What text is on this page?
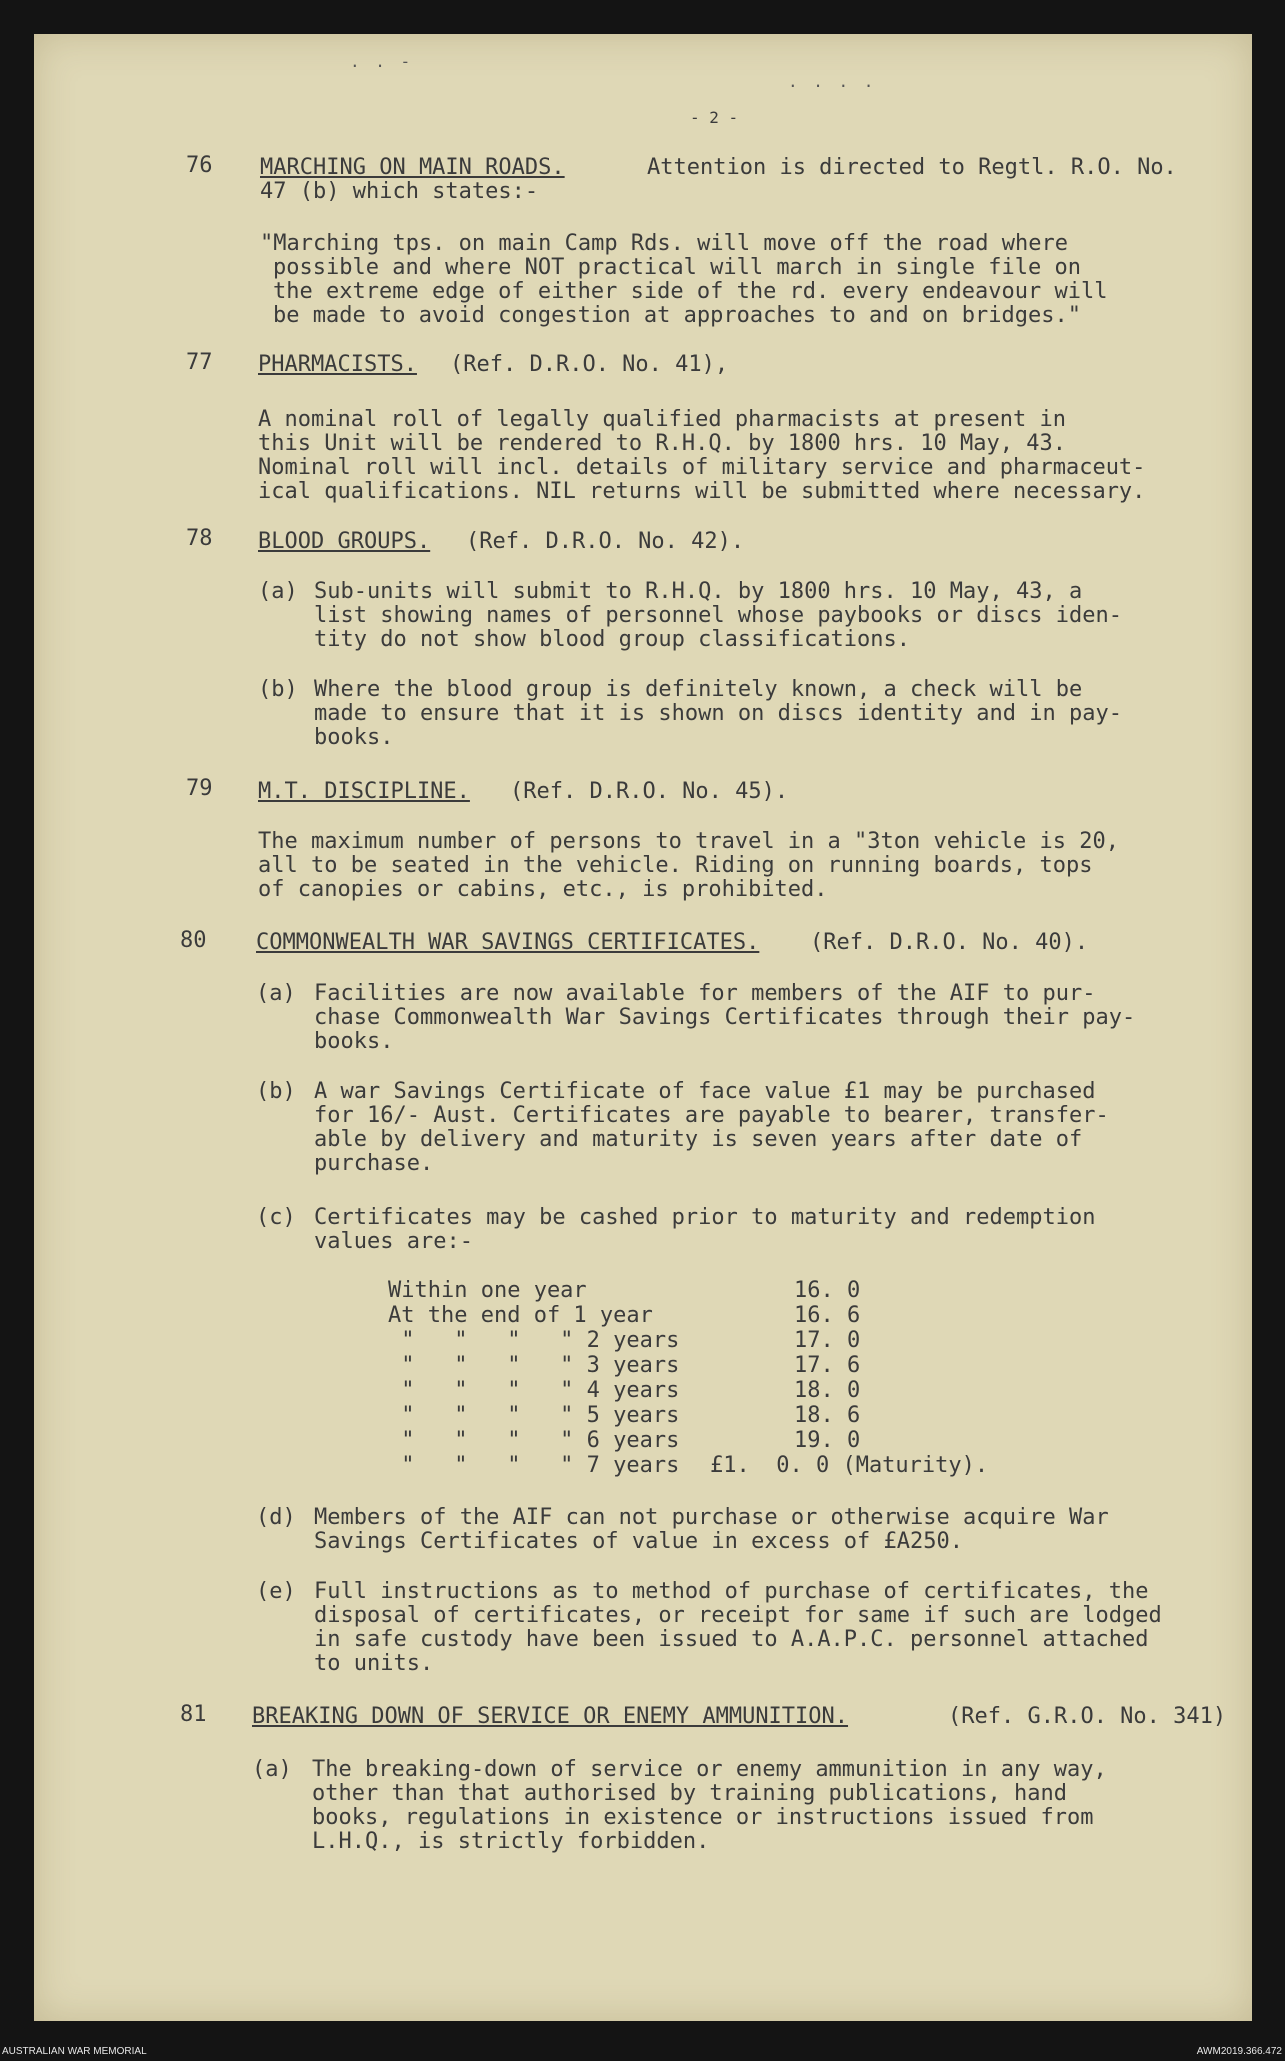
. . -
. . . .
- 2 -
76 MARCHING ON MAIN ROADS.	Attention is directed to Regtl. R.O. No.
47 (b) which states:-
"Marching tps. on main Camp Rds. will move off the road where
possible and where NOT practical will march in single file on
the extreme edge of either side of the rd. every endeavour will
be made to avoid congestion at approaches to and on bridges."
77 PHARMACISTS. (Ref. D.R.O. No. 41),
A nominal roll of legally qualified pharmacists at present in
this Unit will be rendered to R.H.Q. by 1800 hrs. 10 May, 43.
Nominal roll will incl. details of military service and pharmaceut-
ical qualifications. NIL returns will be submitted where necessary.
78 BLOOD GROUPS. (Ref. D.R.O. No. 42).
(a) Sub-units will submit to R.H.Q. by 1800 hrs. 10 May, 43, a
list showing names of personnel whose paybooks or discs iden-
tity do not show blood group classifications.
(b) Where the blood group is definitely known, a check will be
made to ensure that it is shown on discs identity and in pay-
books.
79 M.T. DISCIPLINE. (Ref. D.R.O. No. 45).
The maximum number of persons to travel in a "3ton vehicle is 20,
all to be seated in the vehicle. Riding on running boards, tops
of canopies or cabins, etc., is prohibited.
80 COMMONWEALTH WAR SAVINGS CERTIFICATES. (Ref. D.R.O. No. 40).
(a) Facilities are now available for members of the AIF to pur-
chase Commonwealth War Savings Certificates through their pay-
books.
(b) A war Savings Certificate of face value £1 may be purchased
for 16/- Aust. Certificates are payable to bearer, transfer-
able by delivery and maturity is seven years after date of
purchase.
(c) Certificates may be cashed prior to maturity and redemption
values are:-
Within one year	16. 0
At the end of 1 year	16. 6
"   "   "   " 2 years	17. 0
"   "   "   " 3 years	17. 6
"   "   "   " 4 years	18. 0
"   "   "   " 5 years	18. 6
"   "   "   " 6 years	19. 0
"   "   "   " 7 years £1.  0. 0 (Maturity).
(d) Members of the AIF can not purchase or otherwise acquire War
Savings Certificates of value in excess of £A250.
(e) Full instructions as to method of purchase of certificates, the
disposal of certificates, or receipt for same if such are lodged
in safe custody have been issued to A.A.P.C. personnel attached
to units.
81 BREAKING DOWN OF SERVICE OR ENEMY AMMUNITION.	(Ref. G.R.O. No. 341)
(a) The breaking-down of service or enemy ammunition in any way,
other than that authorised by training publications, hand
books, regulations in existence or instructions issued from
L.H.Q., is strictly forbidden.
AUSTRALIAN WAR MEMORIAL	AWM2019.366.472
